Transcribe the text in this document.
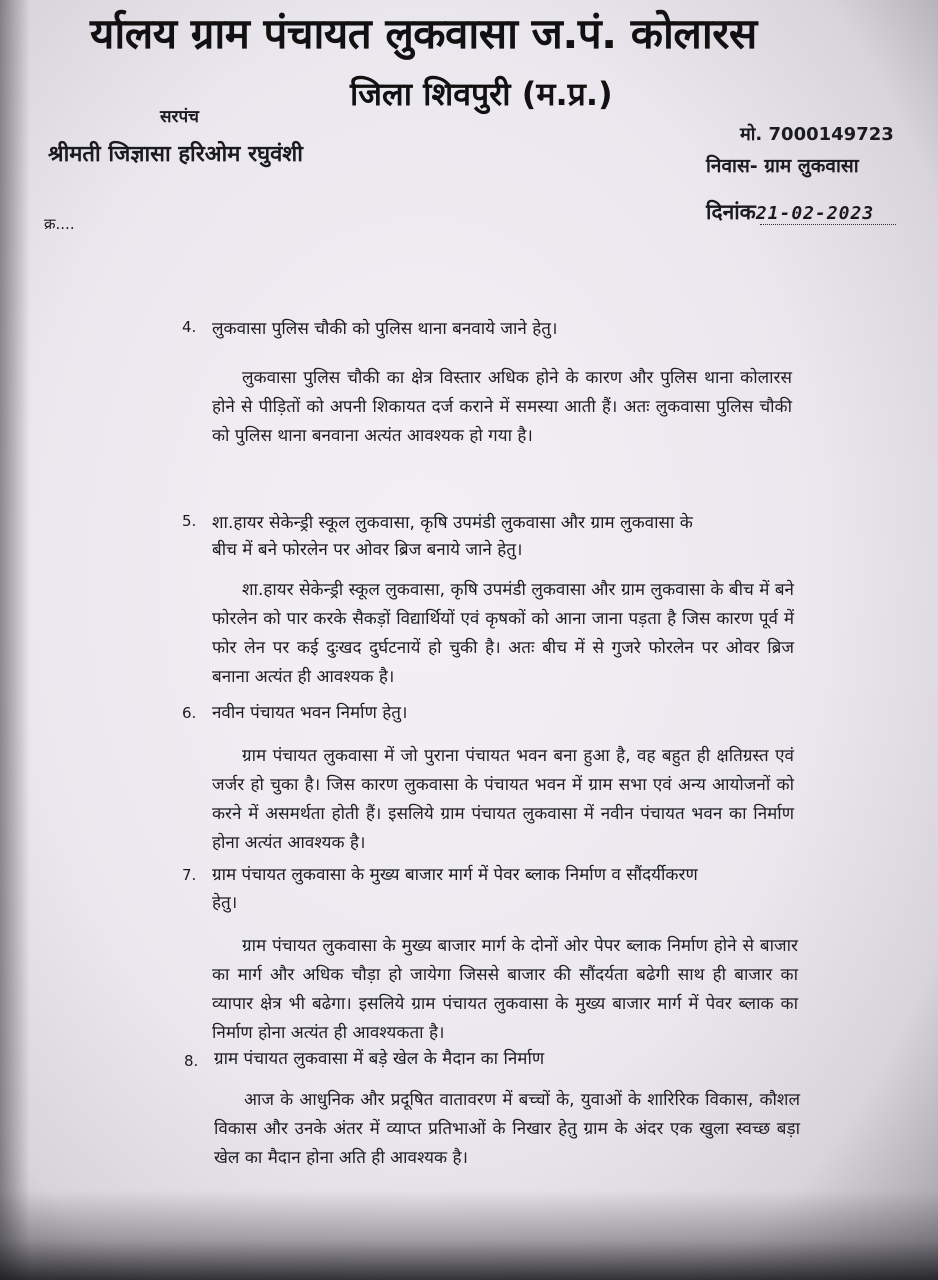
र्यालय ग्राम पंचायत लुकवासा ज.पं. कोलारस
जिला शिवपुरी (म.प्र.)
सरपंच
श्रीमती जिज्ञासा हरिओम रघुवंशी
मो. 7000149723
निवास- ग्राम लुकवासा
क्र....	दिनांक21-02-2023
4. लुकवासा पुलिस चौकी को पुलिस थाना बनवाये जाने हेतु।
लुकवासा पुलिस चौकी का क्षेत्र विस्तार अधिक होने के कारण और पुलिस थाना कोलारस होने से पीड़ितों को अपनी शिकायत दर्ज कराने में समस्या आती हैं। अतः लुकवासा पुलिस चौकी को पुलिस थाना बनवाना अत्यंत आवश्यक हो गया है।
5. शा.हायर सेकेन्ड्री स्कूल लुकवासा, कृषि उपमंडी लुकवासा और ग्राम लुकवासा के
बीच में बने फोरलेन पर ओवर ब्रिज बनाये जाने हेतु।
शा.हायर सेकेन्ड्री स्कूल लुकवासा, कृषि उपमंडी लुकवासा और ग्राम लुकवासा के बीच में बने फोरलेन को पार करके सैकड़ों विद्यार्थियों एवं कृषकों को आना जाना पड़ता है जिस कारण पूर्व में फोर लेन पर कई दुःखद दुर्घटनायें हो चुकी है। अतः बीच में से गुजरे फोरलेन पर ओवर ब्रिज बनाना अत्यंत ही आवश्यक है।
6. नवीन पंचायत भवन निर्माण हेतु।
ग्राम पंचायत लुकवासा में जो पुराना पंचायत भवन बना हुआ है, वह बहुत ही क्षतिग्रस्त एवं जर्जर हो चुका है। जिस कारण लुकवासा के पंचायत भवन में ग्राम सभा एवं अन्य आयोजनों को करने में असमर्थता होती हैं। इसलिये ग्राम पंचायत लुकवासा में नवीन पंचायत भवन का निर्माण होना अत्यंत आवश्यक है।
7. ग्राम पंचायत लुकवासा के मुख्य बाजार मार्ग में पेवर ब्लाक निर्माण व सौंदर्यीकरण
हेतु।
ग्राम पंचायत लुकवासा के मुख्य बाजार मार्ग के दोनों ओर पेपर ब्लाक निर्माण होने से बाजार का मार्ग और अधिक चौड़ा हो जायेगा जिससे बाजार की सौंदर्यता बढेगी साथ ही बाजार का व्यापार क्षेत्र भी बढेगा। इसलिये ग्राम पंचायत लुकवासा के मुख्य बाजार मार्ग में पेवर ब्लाक का निर्माण होना अत्यंत ही आवश्यकता है।
8. ग्राम पंचायत लुकवासा में बड़े खेल के मैदान का निर्माण
आज के आधुनिक और प्रदूषित वातावरण में बच्चों के, युवाओं के शारिरिक विकास, कौशल विकास और उनके अंतर में व्याप्त प्रतिभाओं के निखार हेतु ग्राम के अंदर एक खुला स्वच्छ बड़ा खेल का मैदान होना अति ही आवश्यक है।
